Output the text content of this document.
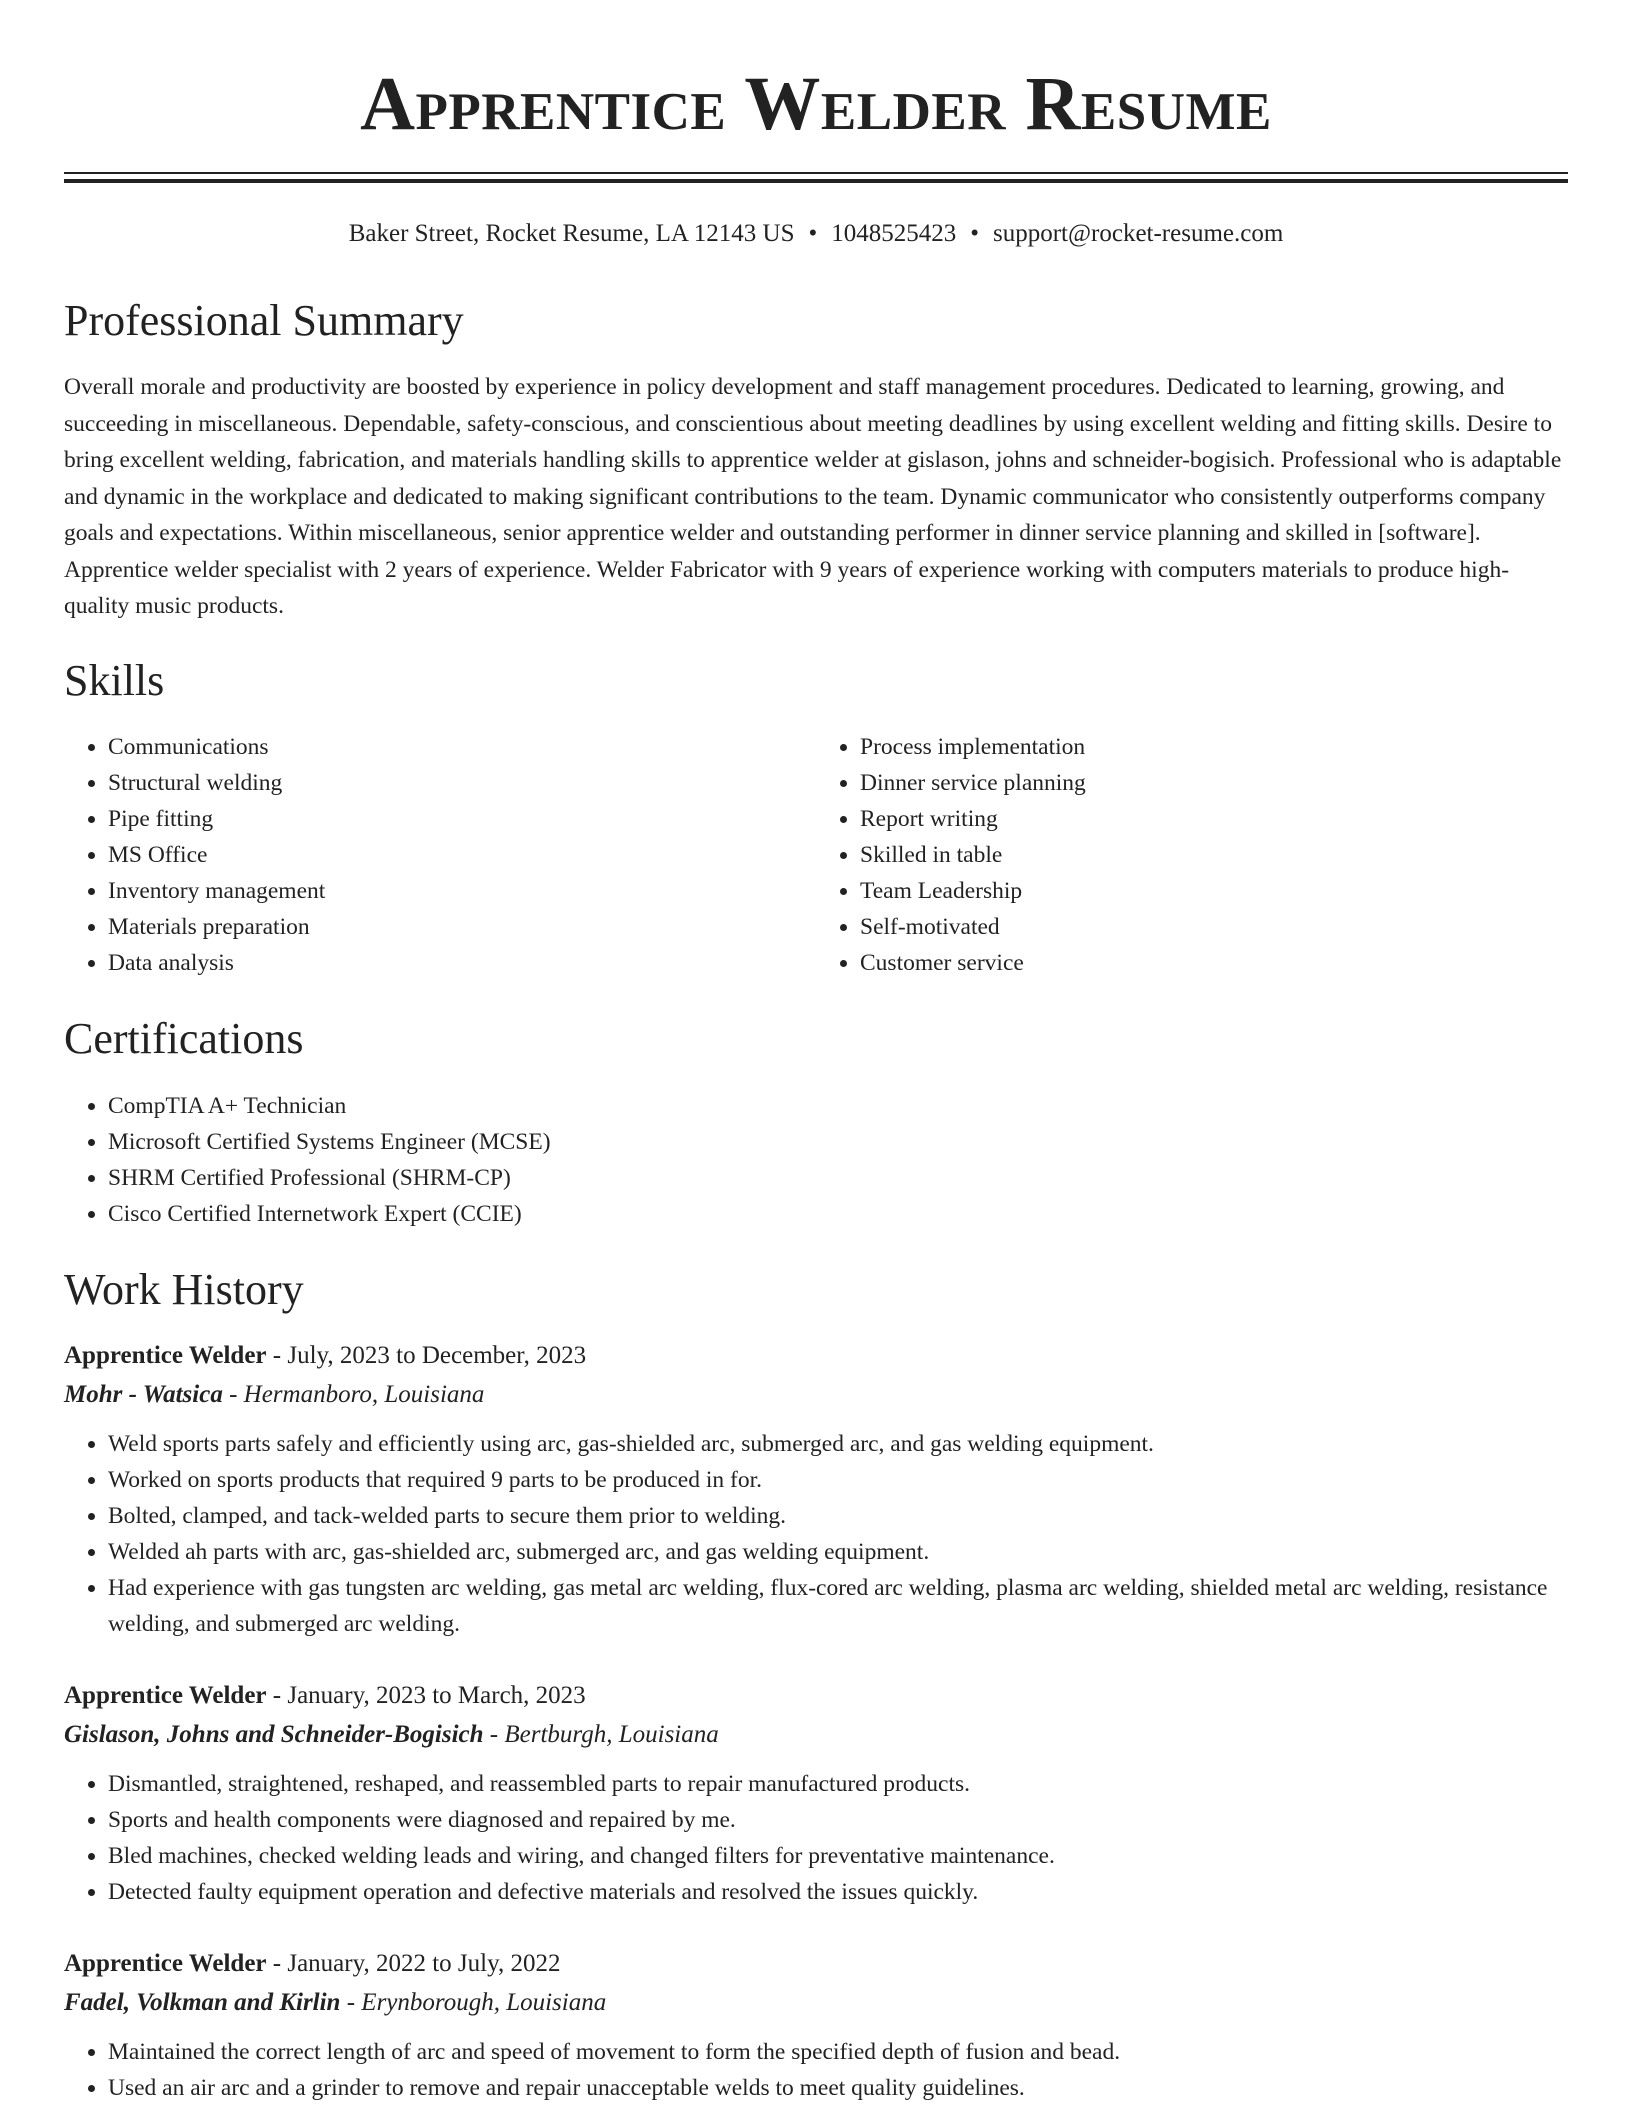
Apprentice Welder Resume
Baker Street, Rocket Resume, LA 12143 US • 1048525423 • support@rocket-resume.com
Professional Summary
Overall morale and productivity are boosted by experience in policy development and staff management procedures. Dedicated to learning, growing, and succeeding in miscellaneous. Dependable, safety-conscious, and conscientious about meeting deadlines by using excellent welding and fitting skills. Desire to bring excellent welding, fabrication, and materials handling skills to apprentice welder at gislason, johns and schneider-bogisich. Professional who is adaptable and dynamic in the workplace and dedicated to making significant contributions to the team. Dynamic communicator who consistently outperforms company goals and expectations. Within miscellaneous, senior apprentice welder and outstanding performer in dinner service planning and skilled in [software]. Apprentice welder specialist with 2 years of experience. Welder Fabricator with 9 years of experience working with computers materials to produce high-quality music products.
Skills
• Communications
• Structural welding
• Pipe fitting
• MS Office
• Inventory management
• Materials preparation
• Data analysis
• Process implementation
• Dinner service planning
• Report writing
• Skilled in table
• Team Leadership
• Self-motivated
• Customer service
Certifications
• CompTIA A+ Technician
• Microsoft Certified Systems Engineer (MCSE)
• SHRM Certified Professional (SHRM-CP)
• Cisco Certified Internetwork Expert (CCIE)
Work History
Apprentice Welder - July, 2023 to December, 2023
Mohr - Watsica - Hermanboro, Louisiana
• Weld sports parts safely and efficiently using arc, gas-shielded arc, submerged arc, and gas welding equipment.
• Worked on sports products that required 9 parts to be produced in for.
• Bolted, clamped, and tack-welded parts to secure them prior to welding.
• Welded ah parts with arc, gas-shielded arc, submerged arc, and gas welding equipment.
• Had experience with gas tungsten arc welding, gas metal arc welding, flux-cored arc welding, plasma arc welding, shielded metal arc welding, resistance welding, and submerged arc welding.
Apprentice Welder - January, 2023 to March, 2023
Gislason, Johns and Schneider-Bogisich - Bertburgh, Louisiana
• Dismantled, straightened, reshaped, and reassembled parts to repair manufactured products.
• Sports and health components were diagnosed and repaired by me.
• Bled machines, checked welding leads and wiring, and changed filters for preventative maintenance.
• Detected faulty equipment operation and defective materials and resolved the issues quickly.
Apprentice Welder - January, 2022 to July, 2022
Fadel, Volkman and Kirlin - Erynborough, Louisiana
• Maintained the correct length of arc and speed of movement to form the specified depth of fusion and bead.
• Used an air arc and a grinder to remove and repair unacceptable welds to meet quality guidelines.
